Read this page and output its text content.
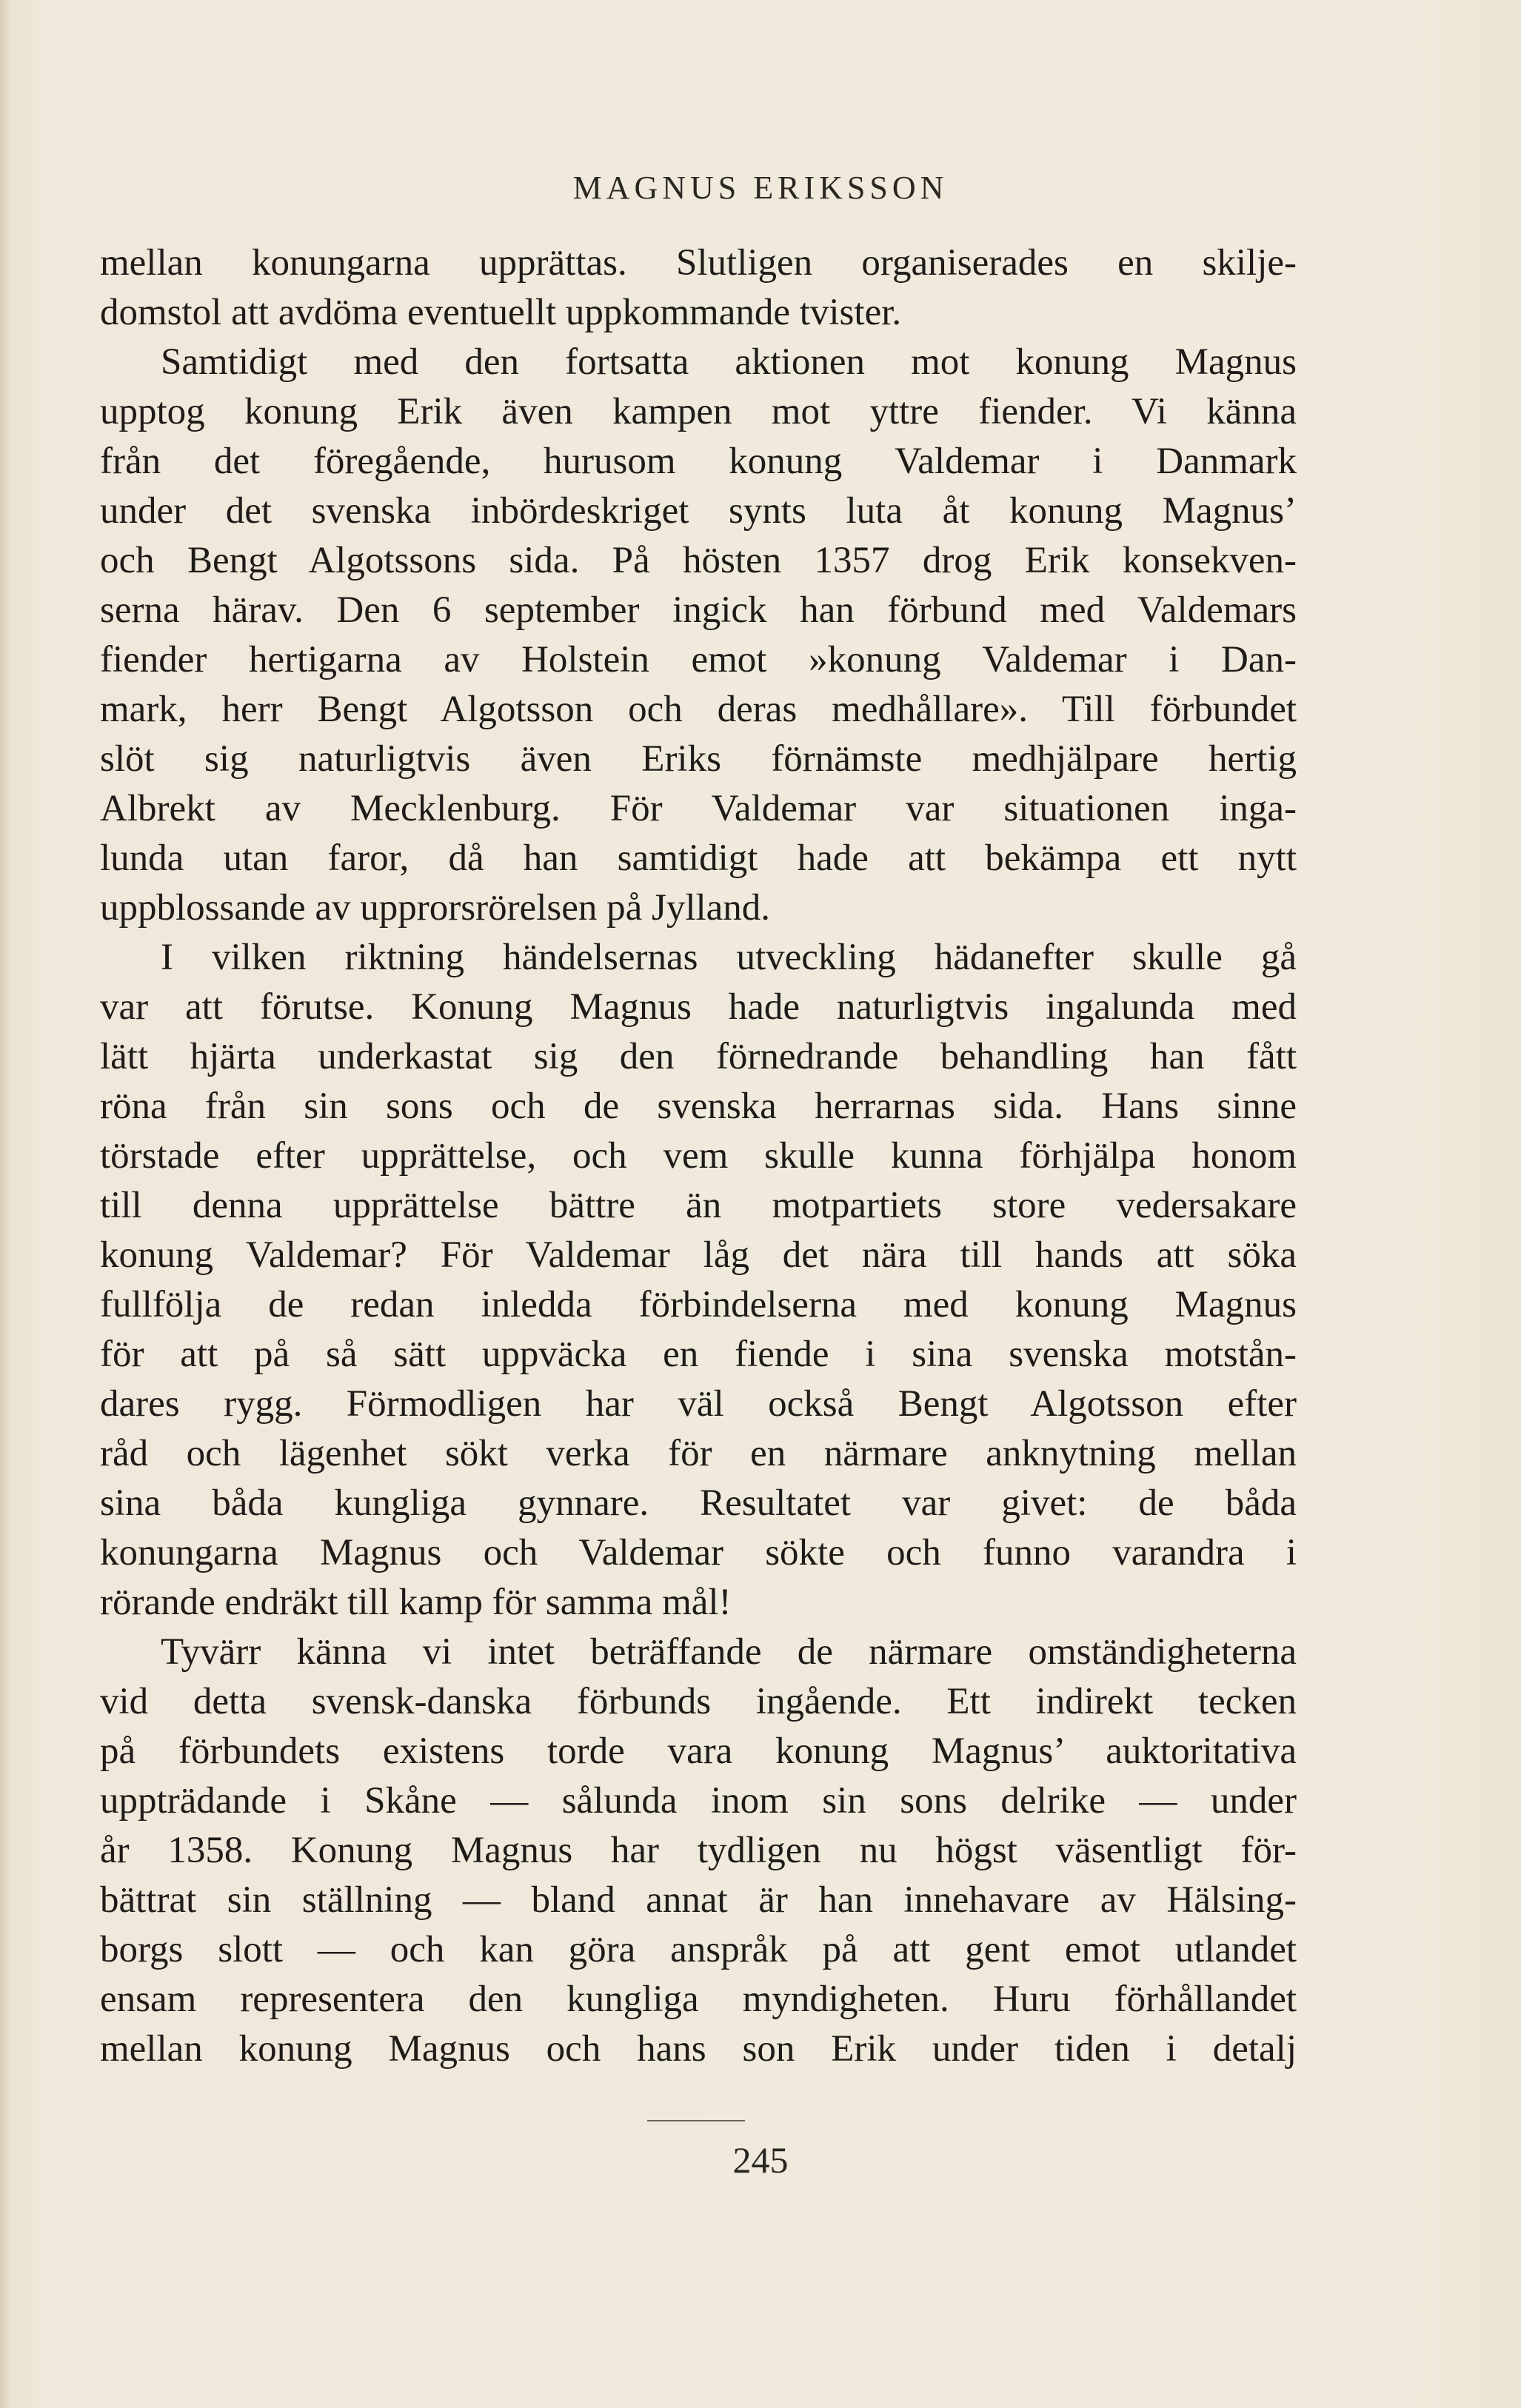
MAGNUS ERIKSSON
mellan konungarna upprättas. Slutligen organiserades en skilje-
domstol att avdöma eventuellt uppkommande tvister.
Samtidigt med den fortsatta aktionen mot konung Magnus
upptog konung Erik även kampen mot yttre fiender. Vi känna
från det föregående, hurusom konung Valdemar i Danmark
under det svenska inbördeskriget synts luta åt konung Magnus’
och Bengt Algotssons sida. På hösten 1357 drog Erik konsekven-
serna härav. Den 6 september ingick han förbund med Valdemars
fiender hertigarna av Holstein emot »konung Valdemar i Dan-
mark, herr Bengt Algotsson och deras medhållare». Till förbundet
slöt sig naturligtvis även Eriks förnämste medhjälpare hertig
Albrekt av Mecklenburg. För Valdemar var situationen inga-
lunda utan faror, då han samtidigt hade att bekämpa ett nytt
uppblossande av upprorsrörelsen på Jylland.
I vilken riktning händelsernas utveckling hädanefter skulle gå
var att förutse. Konung Magnus hade naturligtvis ingalunda med
lätt hjärta underkastat sig den förnedrande behandling han fått
röna från sin sons och de svenska herrarnas sida. Hans sinne
törstade efter upprättelse, och vem skulle kunna förhjälpa honom
till denna upprättelse bättre än motpartiets store vedersakare
konung Valdemar? För Valdemar låg det nära till hands att söka
fullfölja de redan inledda förbindelserna med konung Magnus
för att på så sätt uppväcka en fiende i sina svenska motstån-
dares rygg. Förmodligen har väl också Bengt Algotsson efter
råd och lägenhet sökt verka för en närmare anknytning mellan
sina båda kungliga gynnare. Resultatet var givet: de båda
konungarna Magnus och Valdemar sökte och funno varandra i
rörande endräkt till kamp för samma mål!
Tyvärr känna vi intet beträffande de närmare omständigheterna
vid detta svensk-danska förbunds ingående. Ett indirekt tecken
på förbundets existens torde vara konung Magnus’ auktoritativa
uppträdande i Skåne — sålunda inom sin sons delrike — under
år 1358. Konung Magnus har tydligen nu högst väsentligt för-
bättrat sin ställning — bland annat är han innehavare av Hälsing-
borgs slott — och kan göra anspråk på att gent emot utlandet
ensam representera den kungliga myndigheten. Huru förhållandet
mellan konung Magnus och hans son Erik under tiden i detalj
245
